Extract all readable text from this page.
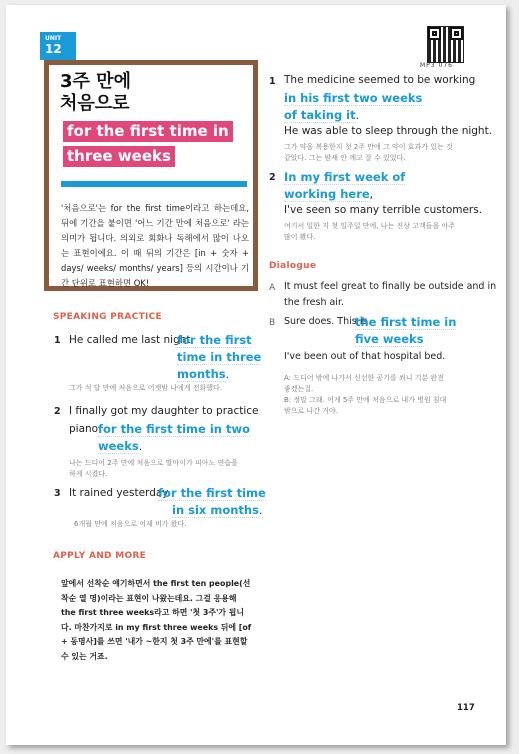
UNIT
12
MP3 076
3주 만에
처음으로
for the first time in
three weeks
'처음으로'는 for the first time이라고 하는데요, 뒤에 기간을 붙이면 '어느 기간 만에 처음으로' 라는 의미가 됩니다. 의외로 회화나 독해에서 많이 나오는 표현이에요. 이 때 뒤의 기간은 [in + 숫자 + days/ weeks/ months/ years] 등의 시간이나 기간 단위로 표현하면 OK!
SPEAKING PRACTICE
1 He called me last night
for the first
time in three
months.
그가 석 달 만에 처음으로 어젯밤 나에게 전화했다.
2 I finally got my daughter to practice
piano for the first time in two
weeks.
나는 드디어 2주 만에 처음으로 딸아이가 피아노 연습을
하게 시켰다.
3 It rained yesterday
for the first time
in six months.
6개월 만에 처음으로 어제 비가 왔다.
APPLY AND MORE
앞에서 선착순 얘기하면서 the first ten people(선착순 열 명)이라는 표현이 나왔는데요. 그걸 응용해 the first three weeks라고 하면 '첫 3주'가 됩니다. 마찬가지로 in my first three weeks 뒤에 [of + 동명사]를 쓰면 '내가 ~한지 첫 3주 만에'를 표현할 수 있는 거죠.
1 The medicine seemed to be working
in his first two weeks
of taking it.
He was able to sleep through the night.
그가 약을 복용한지 첫 2주 만에 그 약이 효과가 있는 것
같았다. 그는 밤새 안 깨고 잘 수 있었다.
2 In my first week of
working here,
I've seen so many terrible customers.
여기서 일한 지 첫 일주일 만에, 나는 진상 고객들을 아주
많이 봤다.
Dialogue
A It must feel great to finally be outside and in
the fresh air.
B Sure does. This is
the first time in
five weeks
I've been out of that hospital bed.
A: 드디어 밖에 나가서 신선한 공기를 쐬니 기분 완전
좋겠는걸.
B: 정말 그래. 이게 5주 만에 처음으로 내가 병원 침대
밖으로 나간 거야.
117
